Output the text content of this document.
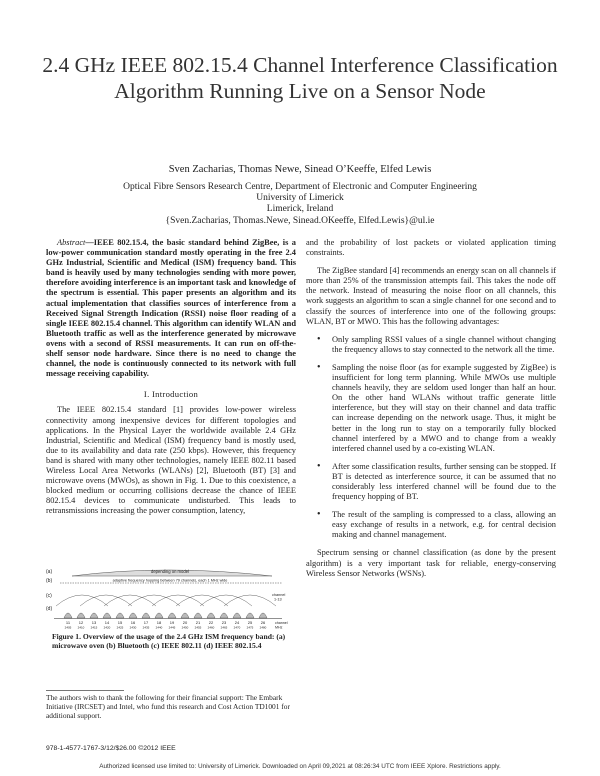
2.4 GHz IEEE 802.15.4 Channel Interference Classification Algorithm Running Live on a Sensor Node
Sven Zacharias, Thomas Newe, Sinead O’Keeffe, Elfed Lewis
Optical Fibre Sensors Research Centre, Department of Electronic and Computer Engineering
University of Limerick
Limerick, Ireland
{Sven.Zacharias, Thomas.Newe, Sinead.OKeeffe, Elfed.Lewis}@ul.ie

Abstract—IEEE 802.15.4, the basic standard behind ZigBee, is a low-power communication standard mostly operating in the free 2.4 GHz Industrial, Scientific and Medical (ISM) frequency band. This band is heavily used by many technologies sending with more power, therefore avoiding interference is an important task and knowledge of the spectrum is essential. This paper presents an algorithm and its actual implementation that classifies sources of interference from a Received Signal Strength Indication (RSSI) noise floor reading of a single IEEE 802.15.4 channel. This algorithm can identify WLAN and Bluetooth traffic as well as the interference generated by microwave ovens with a second of RSSI measurements. It can run on off-the-shelf sensor node hardware. Since there is no need to change the channel, the node is continuously connected to its network with full message receiving capability.

I. Introduction

The IEEE 802.15.4 standard [1] provides low-power wireless connectivity among inexpensive devices for different topologies and applications. In the Physical Layer the worldwide available 2.4 GHz Industrial, Scientific and Medical (ISM) frequency band is mostly used, due to its availability and data rate (250 kbps). However, this frequency band is shared with many other technologies, namely IEEE 802.11 based Wireless Local Area Networks (WLANs) [2], Bluetooth (BT) [3] and microwave ovens (MWOs), as shown in Fig. 1. Due to this coexistence, a blocked medium or occurring collisions decrease the chance of IEEE 802.15.4 devices to communicate undisturbed. This leads to retransmissions increasing the power consumption, latency,

(a)
(b)
(c)
(d)
depending on model
adaptive frequency hopping between 79 channels, each 1 MHz wide
channel
1-13
11 12 13 14 15 16 17 18 19 20 21 22 23 24 25 26
2405 2410 2415 2420 2425 2430 2435 2440 2445 2450 2455 2460 2465 2470 2475 2480
channel
MHz
Figure 1. Overview of the usage of the 2.4 GHz ISM frequency band: (a) microwave oven (b) Bluetooth (c) IEEE 802.11 (d) IEEE 802.15.4
The authors wish to thank the following for their financial support: The Embark Initiative (IRCSET) and Intel, who fund this research and Cost Action TD1001 for additional support.

and the probability of lost packets or violated application timing constraints.

The ZigBee standard [4] recommends an energy scan on all channels if more than 25% of the transmission attempts fail. This takes the node off the network. Instead of measuring the noise floor on all channels, this work suggests an algorithm to scan a single channel for one second and to classify the sources of interference into one of the following groups: WLAN, BT or MWO. This has the following advantages:

• Only sampling RSSI values of a single channel without changing the frequency allows to stay connected to the network all the time.
• Sampling the noise floor (as for example suggested by ZigBee) is insufficient for long term planning. While MWOs use multiple channels heavily, they are seldom used longer than half an hour. On the other hand WLANs without traffic generate little interference, but they will stay on their channel and data traffic can increase depending on the network usage. Thus, it might be better in the long run to stay on a temporarily fully blocked channel interfered by a MWO and to change from a weakly interfered channel used by a co-existing WLAN.
• After some classification results, further sensing can be stopped. If BT is detected as interference source, it can be assumed that no considerably less interfered channel will be found due to the frequency hopping of BT.
• The result of the sampling is compressed to a class, allowing an easy exchange of results in a network, e.g. for central decision making and channel management.

Spectrum sensing or channel classification (as done by the present algorithm) is a very important task for reliable, energy-conserving Wireless Sensor Networks (WSNs).

978-1-4577-1767-3/12/$26.00 ©2012 IEEE
Authorized licensed use limited to: University of Limerick. Downloaded on April 09,2021 at 08:26:34 UTC from IEEE Xplore. Restrictions apply.
